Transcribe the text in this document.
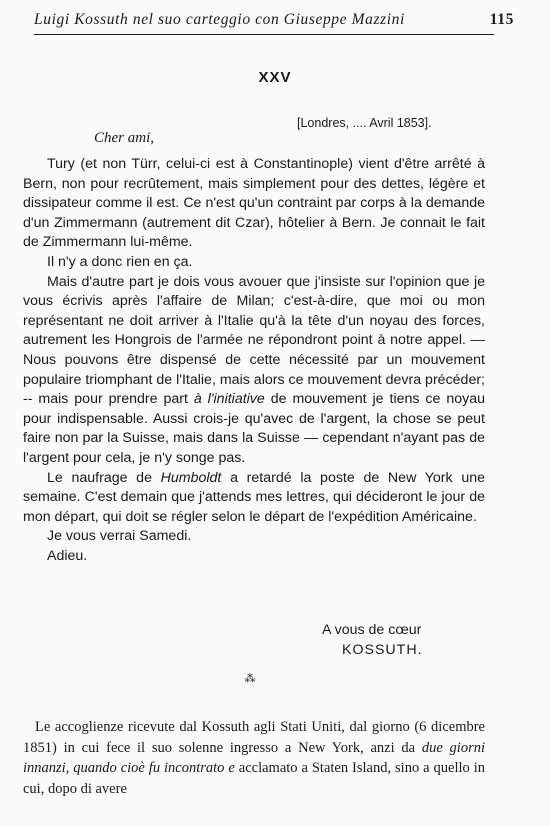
Luigi Kossuth nel suo carteggio con Giuseppe Mazzini	115
XXV
[Londres, .... Avril 1853].
Cher ami,

Tury (et non Türr, celui-ci est à Constantinople) vient d'être arrêté à Bern, non pour recrûtement, mais simplement pour des dettes, légère et dissipateur comme il est. Ce n'est qu'un contraint par corps à la demande d'un Zimmermann (autrement dit Czar), hôtelier à Bern. Je connait le fait de Zimmermann lui-même.

Il n'y a donc rien en ça.

Mais d'autre part je dois vous avouer que j'insiste sur l'opinion que je vous écrivis après l'affaire de Milan; c'est-à-dire, que moi ou mon représentant ne doit arriver à l'Italie qu'à la tête d'un noyau des forces, autrement les Hongrois de l'armée ne répondront point à notre appel. — Nous pouvons être dispensé de cette nécessité par un mouvement populaire triomphant de l'Italie, mais alors ce mouvement devra précéder; -- mais pour prendre part à l'initiative de mouvement je tiens ce noyau pour indispensable. Aussi crois-je qu'avec de l'argent, la chose se peut faire non par la Suisse, mais dans la Suisse — cependant n'ayant pas de l'argent pour cela, je n'y songe pas.

Le naufrage de Humboldt a retardé la poste de New York une semaine. C'est demain que j'attends mes lettres, qui décideront le jour de mon départ, qui doit se régler selon le départ de l'expédition Américaine.

Je vous verrai Samedi.

Adieu.

A vous de cœur
KOSSUTH.
⁂

Le accoglienze ricevute dal Kossuth agli Stati Uniti, dal giorno (6 dicembre 1851) in cui fece il suo solenne ingresso a New York, anzi da due giorni innanzi, quando cioè fu incontrato e acclamato a Staten Island, sino a quello in cui, dopo di avere
